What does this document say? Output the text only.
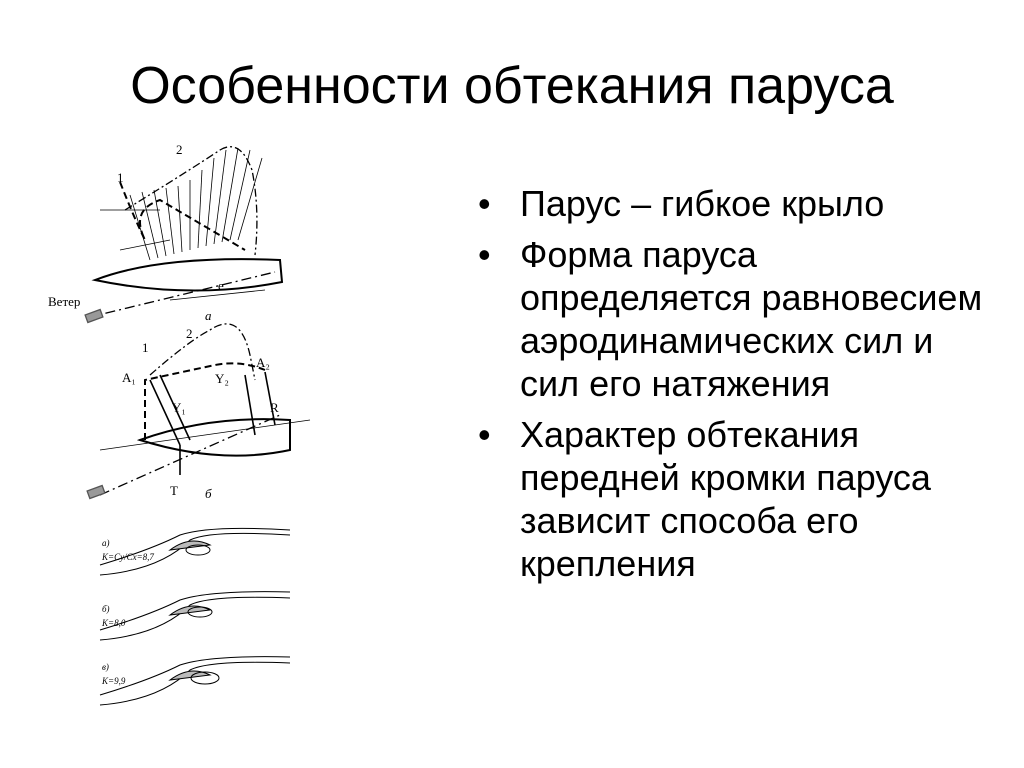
Особенности обтекания паруса
• Парус – гибкое крыло
• Форма паруса определяется равновесием аэродинамических сил и сил его натяжения
• Характер обтекания передней кромки паруса зависит способа его крепления
Ветер
а
1
2
e
1
2
A₁
A₂
Y₁
Y₂
R
T б
а)
K=Cy/Cx=8,7
б)
K=8,0
в)
K=9,9
